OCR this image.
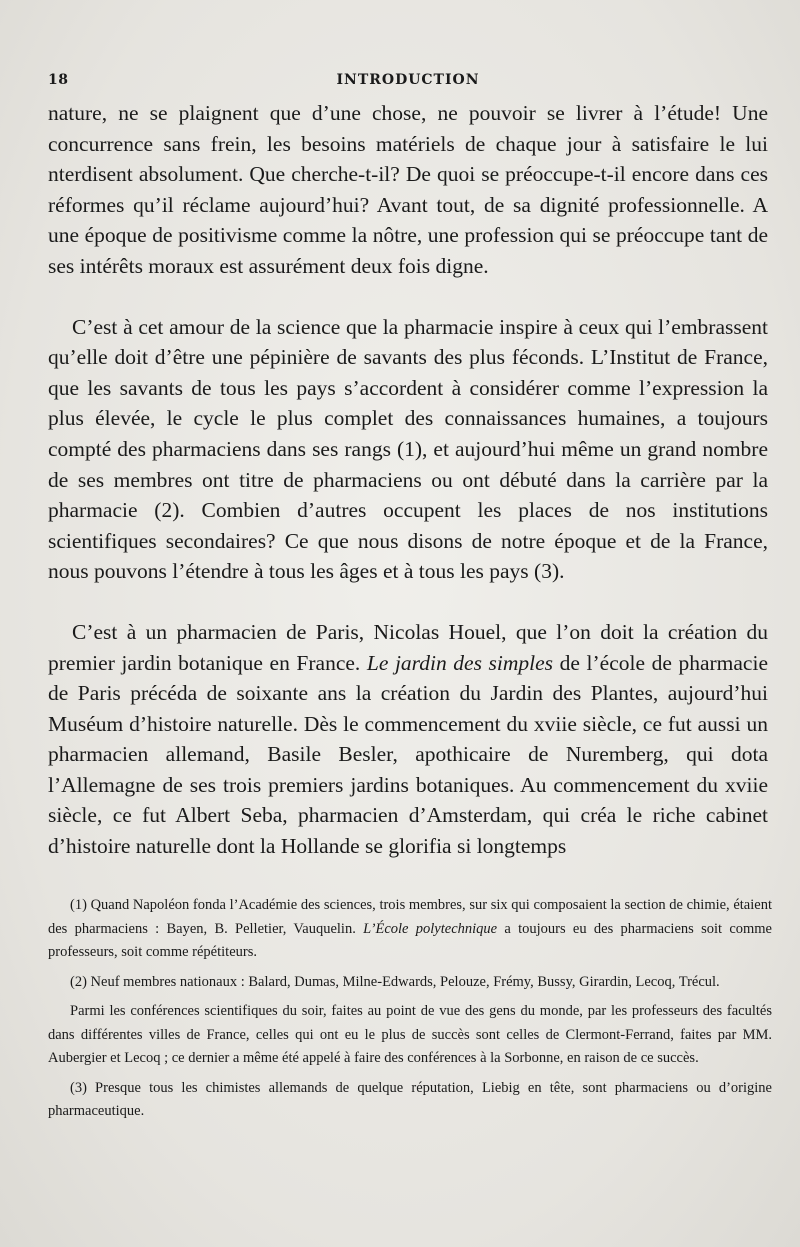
18	INTRODUCTION

nature, ne se plaignent que d’une chose, ne pouvoir se livrer à l’étude! Une concurrence sans frein, les besoins matériels de chaque jour à satisfaire le lui nterdisent absolument. Que cherche-t-il? De quoi se préoccupe-t-il encore dans ces réformes qu’il réclame aujourd’hui? Avant tout, de sa dignité professionnelle. A une époque de positivisme comme la nôtre, une profession qui se préoccupe tant de ses intérêts moraux est assurément deux fois digne.

C’est à cet amour de la science que la pharmacie inspire à ceux qui l’embrassent qu’elle doit d’être une pépinière de savants des plus féconds. L’Institut de France, que les savants de tous les pays s’accordent à considérer comme l’expression la plus élevée, le cycle le plus complet des connaissances humaines, a toujours compté des pharmaciens dans ses rangs (1), et aujourd’hui même un grand nombre de ses membres ont titre de pharmaciens ou ont débuté dans la carrière par la pharmacie (2). Combien d’autres occupent les places de nos institutions scientifiques secondaires? Ce que nous disons de notre époque et de la France, nous pouvons l’étendre à tous les âges et à tous les pays (3).

C’est à un pharmacien de Paris, Nicolas Houel, que l’on doit la création du premier jardin botanique en France. Le jardin des simples de l’école de pharmacie de Paris précéda de soixante ans la création du Jardin des Plantes, aujourd’hui Muséum d’histoire naturelle. Dès le commencement du xviie siècle, ce fut aussi un pharmacien allemand, Basile Besler, apothicaire de Nuremberg, qui dota l’Allemagne de ses trois premiers jardins botaniques. Au commencement du xviie siècle, ce fut Albert Seba, pharmacien d’Amsterdam, qui créa le riche cabinet d’histoire naturelle dont la Hollande se glorifia si longtemps

(1) Quand Napoléon fonda l’Académie des sciences, trois membres, sur six qui composaient la section de chimie, étaient des pharmaciens : Bayen, B. Pelletier, Vauquelin. L’École polytechnique a toujours eu des pharmaciens soit comme professeurs, soit comme répétiteurs.

(2) Neuf membres nationaux : Balard, Dumas, Milne-Edwards, Pelouze, Frémy, Bussy, Girardin, Lecoq, Trécul.

Parmi les conférences scientifiques du soir, faites au point de vue des gens du monde, par les professeurs des facultés dans différentes villes de France, celles qui ont eu le plus de succès sont celles de Clermont-Ferrand, faites par MM. Aubergier et Lecoq ; ce dernier a même été appelé à faire des conférences à la Sorbonne, en raison de ce succès.

(3) Presque tous les chimistes allemands de quelque réputation, Liebig en tête, sont pharmaciens ou d’origine pharmaceutique.
